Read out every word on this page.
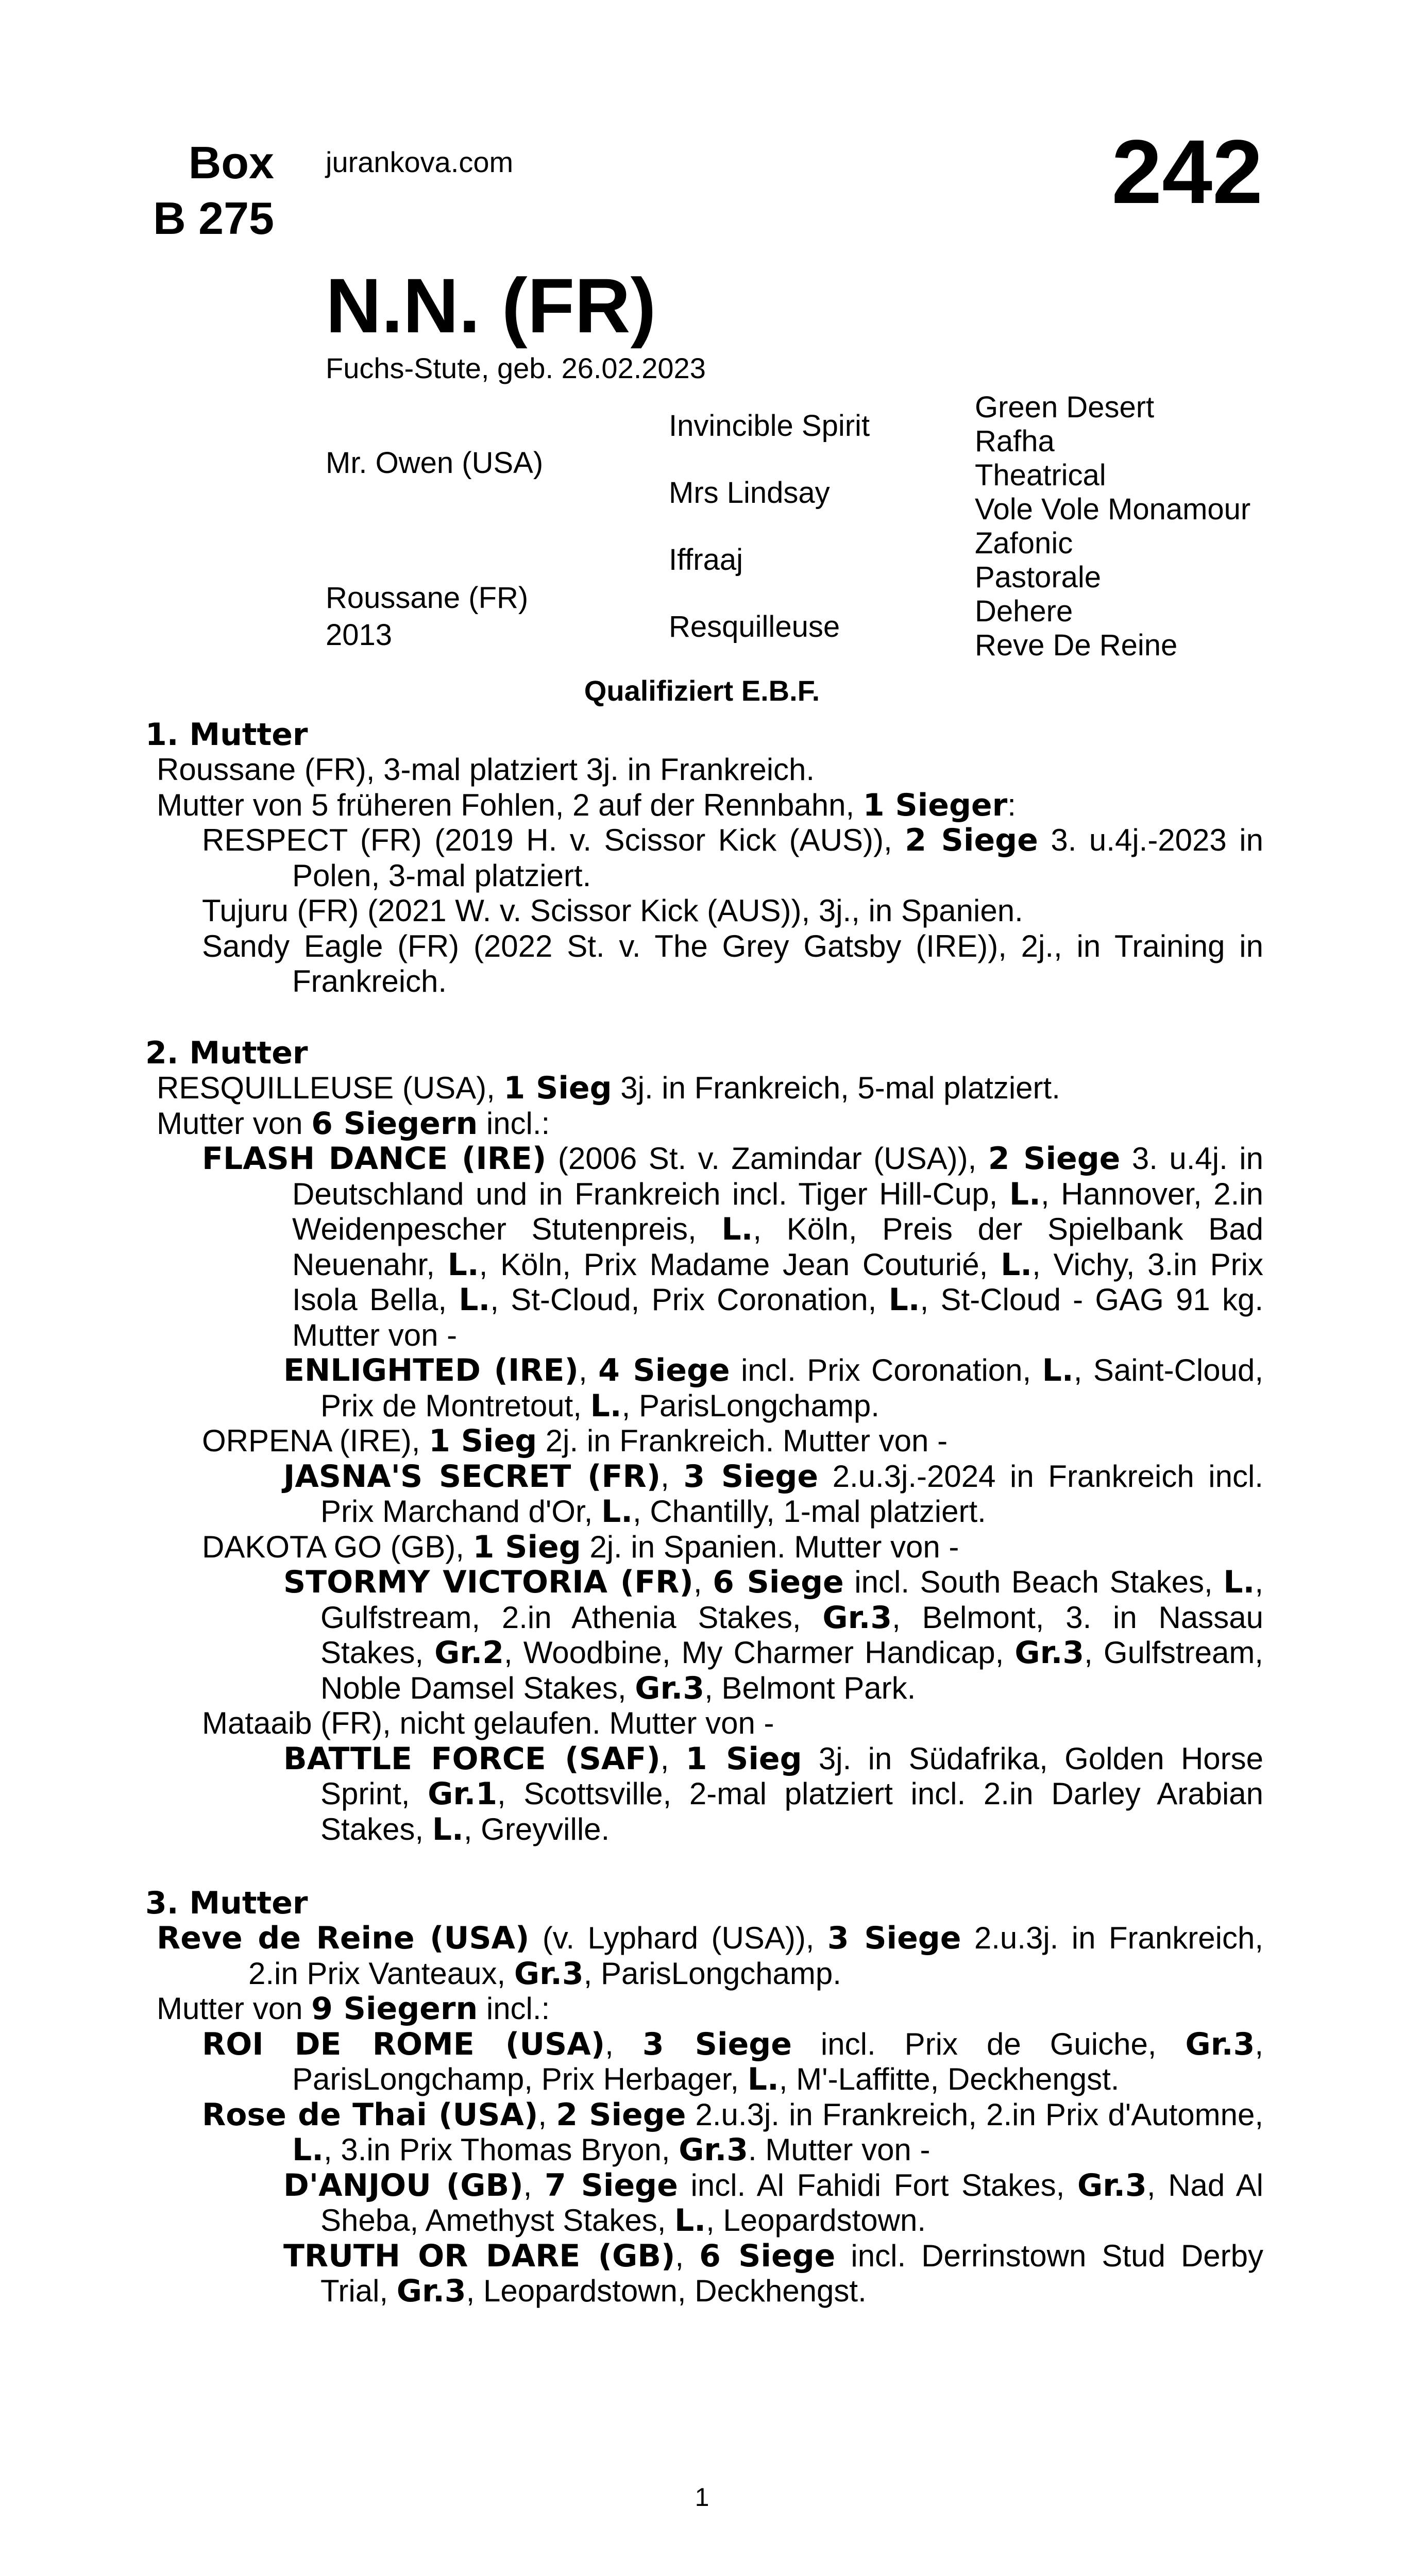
Box
B 275
jurankova.com	242
N.N. (FR)
Fuchs-Stute, geb. 26.02.2023
Mr. Owen (USA)
Roussane (FR)
2013
Invincible Spirit
Mrs Lindsay
Iffraaj
Resquilleuse
Green Desert
Rafha
Theatrical
Vole Vole Monamour
Zafonic
Pastorale
Dehere
Reve De Reine
Qualifiziert E.B.F.
1. Mutter
Roussane (FR), 3-mal platziert 3j. in Frankreich.
Mutter von 5 früheren Fohlen, 2 auf der Rennbahn, 1 Sieger:
RESPECT (FR) (2019 H. v. Scissor Kick (AUS)), 2 Siege 3. u.4j.-2023 in Polen, 3-mal platziert.
Tujuru (FR) (2021 W. v. Scissor Kick (AUS)), 3j., in Spanien.
Sandy Eagle (FR) (2022 St. v. The Grey Gatsby (IRE)), 2j., in Training in Frankreich.
2. Mutter
RESQUILLEUSE (USA), 1 Sieg 3j. in Frankreich, 5-mal platziert.
Mutter von 6 Siegern incl.:
FLASH DANCE (IRE) (2006 St. v. Zamindar (USA)), 2 Siege 3. u.4j. in Deutschland und in Frankreich incl. Tiger Hill-Cup, L., Hannover, 2.in Weidenpescher Stutenpreis, L., Köln, Preis der Spielbank Bad Neuenahr, L., Köln, Prix Madame Jean Couturié, L., Vichy, 3.in Prix Isola Bella, L., St-Cloud, Prix Coronation, L., St-Cloud - GAG 91 kg. Mutter von -
ENLIGHTED (IRE), 4 Siege incl. Prix Coronation, L., Saint-Cloud, Prix de Montretout, L., ParisLongchamp.
ORPENA (IRE), 1 Sieg 2j. in Frankreich. Mutter von -
JASNA'S SECRET (FR), 3 Siege 2.u.3j.-2024 in Frankreich incl. Prix Marchand d'Or, L., Chantilly, 1-mal platziert.
DAKOTA GO (GB), 1 Sieg 2j. in Spanien. Mutter von -
STORMY VICTORIA (FR), 6 Siege incl. South Beach Stakes, L., Gulfstream, 2.in Athenia Stakes, Gr.3, Belmont, 3. in Nassau Stakes, Gr.2, Woodbine, My Charmer Handicap, Gr.3, Gulfstream, Noble Damsel Stakes, Gr.3, Belmont Park.
Mataaib (FR), nicht gelaufen. Mutter von -
BATTLE FORCE (SAF), 1 Sieg 3j. in Südafrika, Golden Horse Sprint, Gr.1, Scottsville, 2-mal platziert incl. 2.in Darley Arabian Stakes, L., Greyville.
3. Mutter
Reve de Reine (USA) (v. Lyphard (USA)), 3 Siege 2.u.3j. in Frankreich, 2.in Prix Vanteaux, Gr.3, ParisLongchamp.
Mutter von 9 Siegern incl.:
ROI DE ROME (USA), 3 Siege incl. Prix de Guiche, Gr.3, ParisLongchamp, Prix Herbager, L., M'-Laffitte, Deckhengst.
Rose de Thai (USA), 2 Siege 2.u.3j. in Frankreich, 2.in Prix d'Automne, L., 3.in Prix Thomas Bryon, Gr.3. Mutter von -
D'ANJOU (GB), 7 Siege incl. Al Fahidi Fort Stakes, Gr.3, Nad Al Sheba, Amethyst Stakes, L., Leopardstown.
TRUTH OR DARE (GB), 6 Siege incl. Derrinstown Stud Derby Trial, Gr.3, Leopardstown, Deckhengst.
1
